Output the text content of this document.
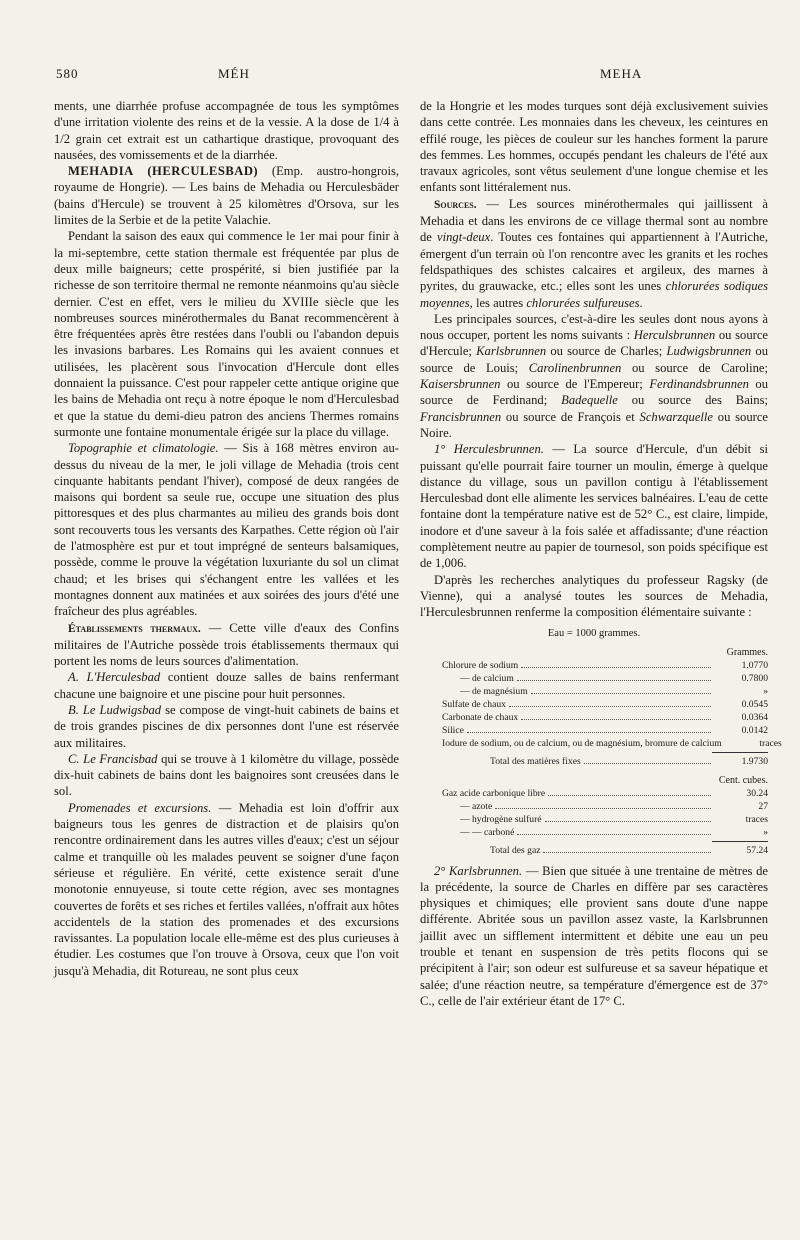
580	MÉH	MEHA

ments, une diarrhée profuse accompagnée de tous les symptômes d'une irritation violente des reins et de la vessie. A la dose de 1/4 à 1/2 grain cet extrait est un cathartique drastique, provoquant des nausées, des vomissements et de la diarrhée.

MEHADIA (HERCULESBAD) (Emp. austro-hongrois, royaume de Hongrie). — Les bains de Mehadia ou Herculesbäder (bains d'Hercule) se trouvent à 25 kilomètres d'Orsova, sur les limites de la Serbie et de la petite Valachie.

Pendant la saison des eaux qui commence le 1er mai pour finir à la mi-septembre, cette station thermale est fréquentée par plus de deux mille baigneurs; cette prospérité, si bien justifiée par la richesse de son territoire thermal ne remonte néanmoins qu'au siècle dernier. C'est en effet, vers le milieu du XVIIIe siècle que les nombreuses sources minérothermales du Banat recommencèrent à être fréquentées après être restées dans l'oubli ou l'abandon depuis les invasions barbares. Les Romains qui les avaient connues et utilisées, les placèrent sous l'invocation d'Hercule dont elles donnaient la puissance. C'est pour rappeler cette antique origine que les bains de Mehadia ont reçu à notre époque le nom d'Herculesbad et que la statue du demi-dieu patron des anciens Thermes romains surmonte une fontaine monumentale érigée sur la place du village.

Topographie et climatologie. — Sis à 168 mètres environ au-dessus du niveau de la mer, le joli village de Mehadia (trois cent cinquante habitants pendant l'hiver), composé de deux rangées de maisons qui bordent sa seule rue, occupe une situation des plus pittoresques et des plus charmantes au milieu des grands bois dont sont recouverts tous les versants des Karpathes. Cette région où l'air de l'atmosphère est pur et tout imprégné de senteurs balsamiques, possède, comme le prouve la végétation luxuriante du sol un climat chaud; et les brises qui s'échangent entre les vallées et les montagnes donnent aux matinées et aux soirées des jours d'été une fraîcheur des plus agréables.

Établissements thermaux. — Cette ville d'eaux des Confins militaires de l'Autriche possède trois établissements thermaux qui portent les noms de leurs sources d'alimentation.

A. L'Herculesbad contient douze salles de bains renfermant chacune une baignoire et une piscine pour huit personnes.

B. Le Ludwigsbad se compose de vingt-huit cabinets de bains et de trois grandes piscines de dix personnes dont l'une est réservée aux militaires.

C. Le Francisbad qui se trouve à 1 kilomètre du village, possède dix-huit cabinets de bains dont les baignoires sont creusées dans le sol.

Promenades et excursions. — Mehadia est loin d'offrir aux baigneurs tous les genres de distraction et de plaisirs qu'on rencontre ordinairement dans les autres villes d'eaux; c'est un séjour calme et tranquille où les malades peuvent se soigner d'une façon sérieuse et régulière. En vérité, cette existence serait d'une monotonie ennuyeuse, si toute cette région, avec ses montagnes couvertes de forêts et ses riches et fertiles vallées, n'offrait aux hôtes accidentels de la station des promenades et des excursions ravissantes. La population locale elle-même est des plus curieuses à étudier. Les costumes que l'on trouve à Orsova, ceux que l'on voit jusqu'à Mehadia, dit Rotureau, ne sont plus ceux

de la Hongrie et les modes turques sont déjà exclusivement suivies dans cette contrée. Les monnaies dans les cheveux, les ceintures en effilé rouge, les pièces de couleur sur les hanches forment la parure des femmes. Les hommes, occupés pendant les chaleurs de l'été aux travaux agricoles, sont vêtus seulement d'une longue chemise et les enfants sont littéralement nus.

Sources. — Les sources minérothermales qui jaillissent à Mehadia et dans les environs de ce village thermal sont au nombre de vingt-deux. Toutes ces fontaines qui appartiennent à l'Autriche, émergent d'un terrain où l'on rencontre avec les granits et les roches feldspathiques des schistes calcaires et argileux, des marnes à pyrites, du grauwacke, etc.; elles sont les unes chlorurées sodiques moyennes, les autres chlorurées sulfureuses.

Les principales sources, c'est-à-dire les seules dont nous ayons à nous occuper, portent les noms suivants : Herculsbrunnen ou source d'Hercule; Karlsbrunnen ou source de Charles; Ludwigsbrunnen ou source de Louis; Carolinenbrunnen ou source de Caroline; Kaisersbrunnen ou source de l'Empereur; Ferdinandsbrunnen ou source de Ferdinand; Badequelle ou source des Bains; Francisbrunnen ou source de François et Schwarzquelle ou source Noire.

1° Herculesbrunnen. — La source d'Hercule, d'un débit si puissant qu'elle pourrait faire tourner un moulin, émerge à quelque distance du village, sous un pavillon contigu à l'établissement Herculesbad dont elle alimente les services balnéaires. L'eau de cette fontaine dont la température native est de 52° C., est claire, limpide, inodore et d'une saveur à la fois salée et affadissante; d'une réaction complètement neutre au papier de tournesol, son poids spécifique est de 1,006.

D'après les recherches analytiques du professeur Ragsky (de Vienne), qui a analysé toutes les sources de Mehadia, l'Herculesbrunnen renferme la composition élémentaire suivante :

Eau = 1000 grammes.
Grammes.
Chlorure de sodium	1.0770
— de calcium	0.7800
— de magnésium	»
Sulfate de chaux	0.0545
Carbonate de chaux	0.0364
Silice	0.0142
Iodure de sodium, ou de calcium, ou de magnésium, bromure de calcium	traces
Total des matières fixes	1.9730
Cent. cubes.
Gaz acide carbonique libre	30.24
— azote	27
— hydrogène sulfuré	traces
— — carboné	»
Total des gaz	57.24

2° Karlsbrunnen. — Bien que située à une trentaine de mètres de la précédente, la source de Charles en diffère par ses caractères physiques et chimiques; elle provient sans doute d'une nappe différente. Abritée sous un pavillon assez vaste, la Karlsbrunnen jaillit avec un sifflement intermittent et débite une eau un peu trouble et tenant en suspension de très petits flocons qui se précipitent à l'air; son odeur est sulfureuse et sa saveur hépatique et salée; d'une réaction neutre, sa température d'émergence est de 37° C., celle de l'air extérieur étant de 17° C.
